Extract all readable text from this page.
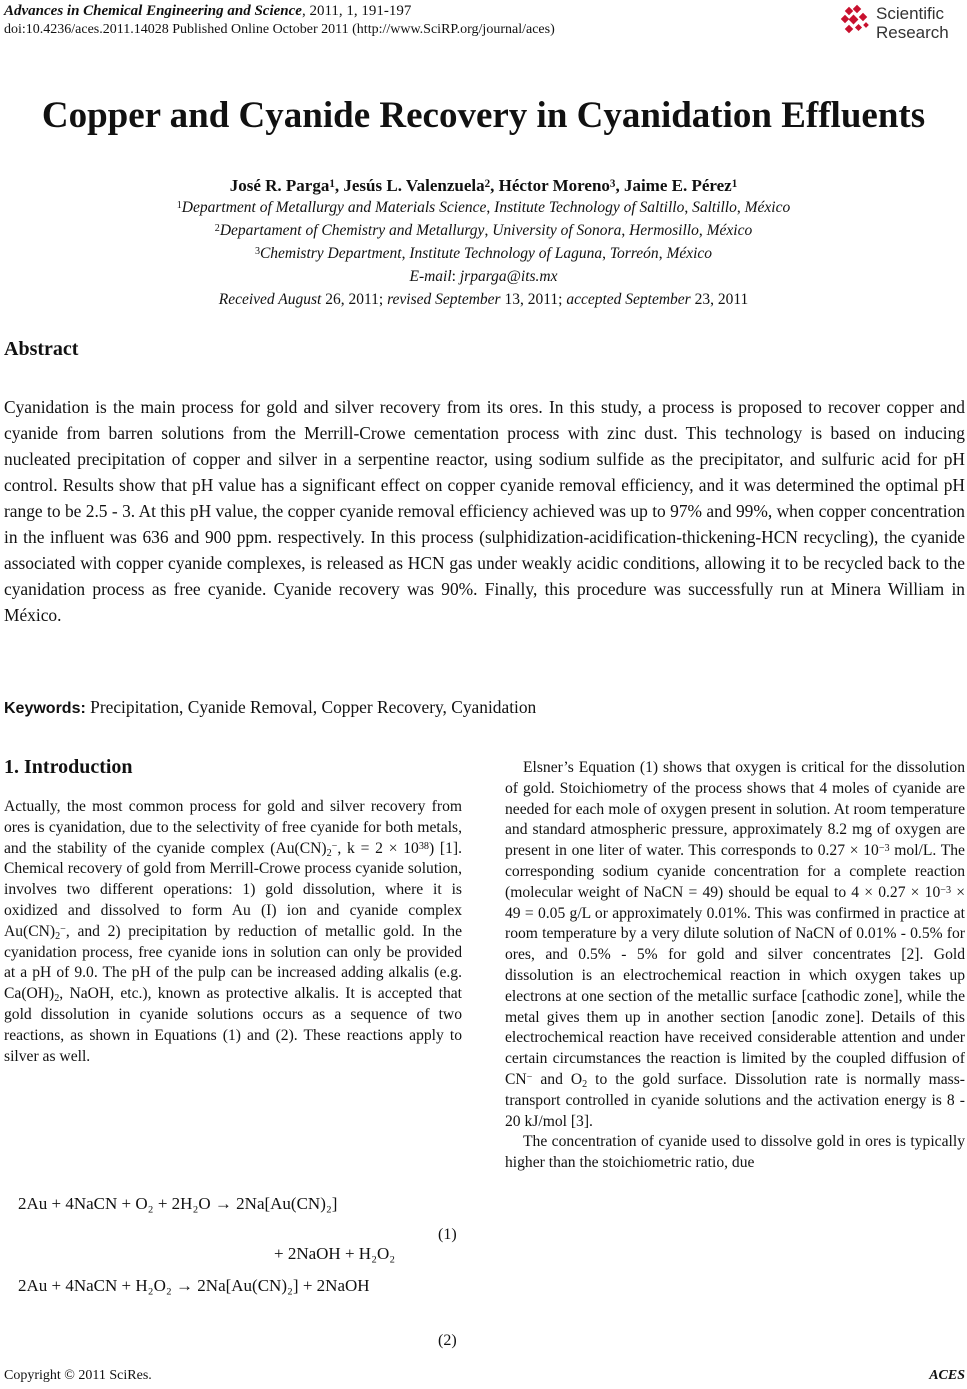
Advances in Chemical Engineering and Science, 2011, 1, 191-197
doi:10.4236/aces.2011.14028 Published Online October 2011 (http://www.SciRP.org/journal/aces)
Scientific
Research
Copper and Cyanide Recovery in Cyanidation Effluents
José R. Parga$^1$, Jesús L. Valenzuela$^2$, Héctor Moreno$^3$, Jaime E. Pérez$^1$
$^1$Department of Metallurgy and Materials Science, Institute Technology of Saltillo, Saltillo, México
$^2$Departament of Chemistry and Metallurgy, University of Sonora, Hermosillo, México
$^3$Chemistry Department, Institute Technology of Laguna, Torreón, México
E-mail: jrparga@its.mx
Received August 26, 2011; revised September 13, 2011; accepted September 23, 2011
Abstract
Cyanidation is the main process for gold and silver recovery from its ores. In this study, a process is proposed to recover copper and cyanide from barren solutions from the Merrill-Crowe cementation process with zinc dust. This technology is based on inducing nucleated precipitation of copper and silver in a serpentine reactor, using sodium sulfide as the precipitator, and sulfuric acid for pH control. Results show that pH value has a significant effect on copper cyanide removal efficiency, and it was determined the optimal pH range to be 2.5 - 3. At this pH value, the copper cyanide removal efficiency achieved was up to 97% and 99%, when copper concentration in the influent was 636 and 900 ppm. respectively. In this process (sulphidization-acidification-thickening-HCN recycling), the cyanide associated with copper cyanide complexes, is released as HCN gas under weakly acidic conditions, allowing it to be recycled back to the cyanidation process as free cyanide. Cyanide recovery was 90%. Finally, this procedure was successfully run at Minera William in México.
Keywords: Precipitation, Cyanide Removal, Copper Recovery, Cyanidation
1. Introduction

Actually, the most common process for gold and silver recovery from ores is cyanidation, due to the selectivity of free cyanide for both metals, and the stability of the cyanide complex ($Au(CN)_2^-$, $k = 2 \times 10^{38}$) [1]. Chemical recovery of gold from Merrill-Crowe process cyanide solution, involves two different operations: 1) gold dissolution, where it is oxidized and dissolved to form Au (I) ion and cyanide complex $Au(CN)_2^-$, and 2) precipitation by reduction of metallic gold. In the cyanidation process, free cyanide ions in solution can only be provided at a pH of 9.0. The pH of the pulp can be increased adding alkalis (e.g. $Ca(OH)_2$, NaOH, etc.), known as protective alkalis. It is accepted that gold dissolution in cyanide solutions occurs as a sequence of two reactions, as shown in Equations (1) and (2). These reactions apply to silver as well.

2Au + 4NaCN + O₂ + 2H₂O → 2Na[Au(CN)₂]
+ 2NaOH + H₂O₂
(1)
2Au + 4NaCN + H₂O₂ → 2Na[Au(CN)₂] + 2NaOH
(2)

Elsner’s Equation (1) shows that oxygen is critical for the dissolution of gold. Stoichiometry of the process shows that 4 moles of cyanide are needed for each mole of oxygen present in solution. At room temperature and standard atmospheric pressure, approximately 8.2 mg of oxygen are present in one liter of water. This corresponds to $0.27 \times 10^{-3}$ mol/L. The corresponding sodium cyanide concentration for a complete reaction (molecular weight of NaCN = 49) should be equal to $4 \times 0.27 \times 10^{-3} \times 49 = 0.05$ g/L or approximately 0.01%. This was confirmed in practice at room temperature by a very dilute solution of NaCN of 0.01% - 0.5% for ores, and 0.5% - 5% for gold and silver concentrates [2]. Gold dissolution is an electrochemical reaction in which oxygen takes up electrons at one section of the metallic surface [cathodic zone], while the metal gives them up in another section [anodic zone]. Details of this electrochemical reaction have received considerable attention and under certain circumstances the reaction is limited by the coupled diffusion of CN− and $O_2$ to the gold surface. Dissolution rate is normally mass-transport controlled in cyanide solutions and the activation energy is 8 - 20 kJ/mol [3].

The concentration of cyanide used to dissolve gold in ores is typically higher than the stoichiometric ratio, due

Copyright © 2011 SciRes.	ACES
